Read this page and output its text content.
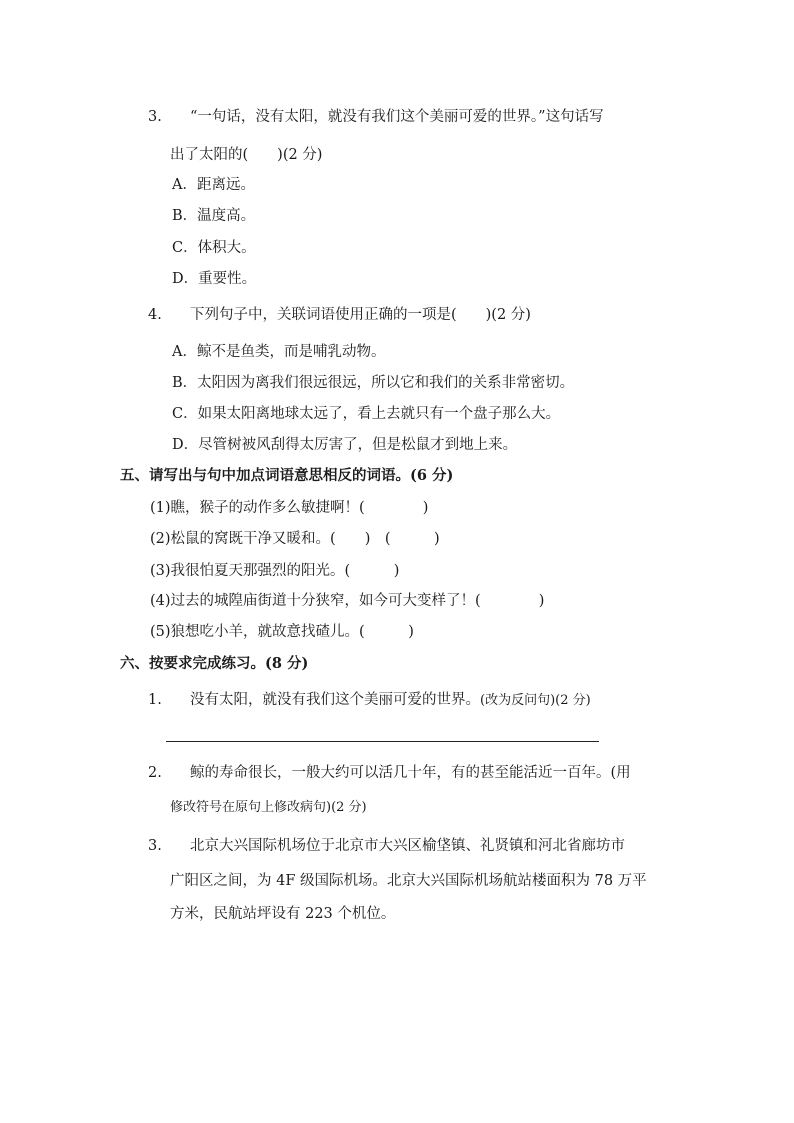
3. “一句话，没有太阳，就没有我们这个美丽可爱的世界。”这句话写
出了太阳的(　　)(2 分)
A．距离远。
B．温度高。
C．体积大。
D．重要性。
4. 下列句子中，关联词语使用正确的一项是(　　)(2 分)
A．鲸不是鱼类，而是哺乳动物。
B．太阳因为离我们很远很远，所以它和我们的关系非常密切。
C．如果太阳离地球太远了，看上去就只有一个盘子那么大。
D．尽管树被风刮得太厉害了，但是松鼠才到地上来。
五、请写出与句中加点词语意思相反的词语。(6 分)
(1)瞧，猴子的动作多么敏捷啊！(　　　　)
(2)松鼠的窝既干净又暖和。(　　)　(　　　)
(3)我很怕夏天那强烈的阳光。(　　　)
(4)过去的城隍庙街道十分狭窄，如今可大变样了！(　　　　)
(5)狼想吃小羊，就故意找碴儿。(　　　)
六、按要求完成练习。(8 分)
1. 没有太阳，就没有我们这个美丽可爱的世界。(改为反问句)(2 分)
2. 鲸的寿命很长，一般大约可以活几十年，有的甚至能活近一百年。(用
修改符号在原句上修改病句)(2 分)
3. 北京大兴国际机场位于北京市大兴区榆垡镇、礼贤镇和河北省廊坊市
广阳区之间，为 4F 级国际机场。北京大兴国际机场航站楼面积为 78 万平
方米，民航站坪设有 223 个机位。
